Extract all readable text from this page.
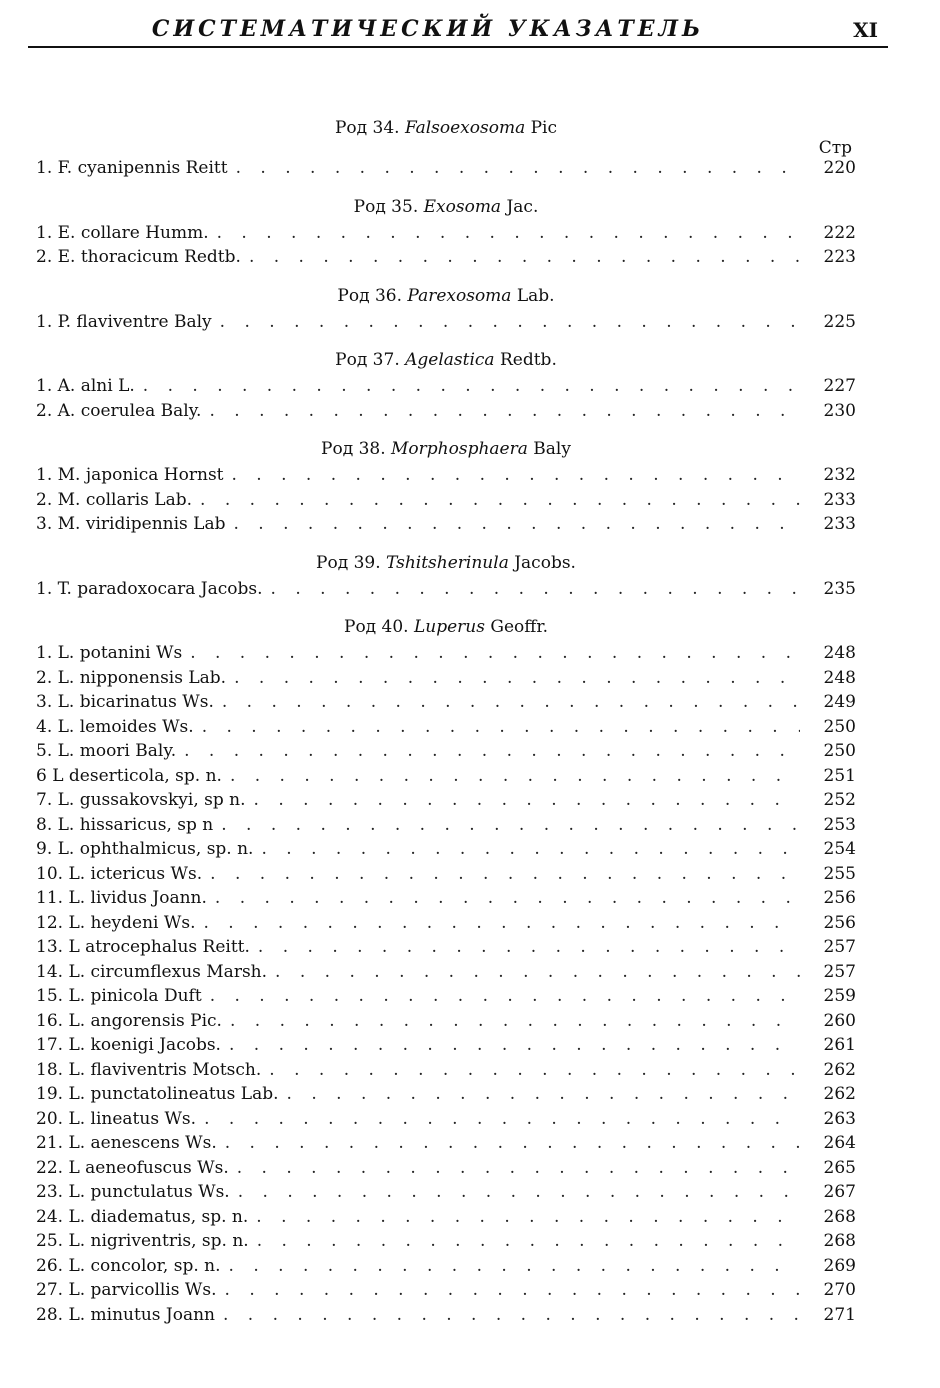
СИСТЕМАТИЧЕСКИЙ УКАЗАТЕЛЬ	XI
Род 34. Falsoexosoma Pic
Стр
1. F. cyanipennis Reitt . . .	220
Род 35. Exosoma Jac.
1. E. collare Humm. . . .	222
2. E. thoracicum Redtb. . . .	223
Род 36. Parexosoma Lab.
1. P. flaviventre Baly . . .	225
Род 37. Agelastica Redtb.
1. A. alni L. . . .	227
2. A. coerulea Baly. . . .	230
Род 38. Morphosphaera Baly
1. M. japonica Hornst . . .	232
2. M. collaris Lab. . . .	233
3. M. viridipennis Lab . . .	233
Род 39. Tshitsherinula Jacobs.
1. T. paradoxocara Jacobs. . . .	235
Род 40. Luperus Geoffr.
1. L. potanini Ws . . .	248
2. L. nipponensis Lab. . . .	248
3. L. bicarinatus Ws. . . .	249
4. L. lemoides Ws. . . .	250
5. L. moori Baly. . . .	250
6 L deserticola, sp. n. . . .	251
7. L. gussakovskyi, sp n. . . .	252
8. L. hissaricus, sp n . . .	253
9. L. ophthalmicus, sp. n. . . .	254
10. L. ictericus Ws. . . .	255
11. L. lividus Joann. . . .	256
12. L. heydeni Ws. . . .	256
13. L atrocephalus Reitt. . . .	257
14. L. circumflexus Marsh. . . .	257
15. L. pinicola Duft . . .	259
16. L. angorensis Pic. . . .	260
17. L. koenigi Jacobs. . . .	261
18. L. flaviventris Motsch. . . .	262
19. L. punctatolineatus Lab. . . .	262
20. L. lineatus Ws. . . .	263
21. L. aenescens Ws. . . .	264
22. L aeneofuscus Ws. . . .	265
23. L. punctulatus Ws. . . .	267
24. L. diadematus, sp. n. . . .	268
25. L. nigriventris, sp. n. . . .	268
26. L. concolor, sp. n. . . .	269
27. L. parvicollis Ws. . . .	270
28. L. minutus Joann . . .	271
